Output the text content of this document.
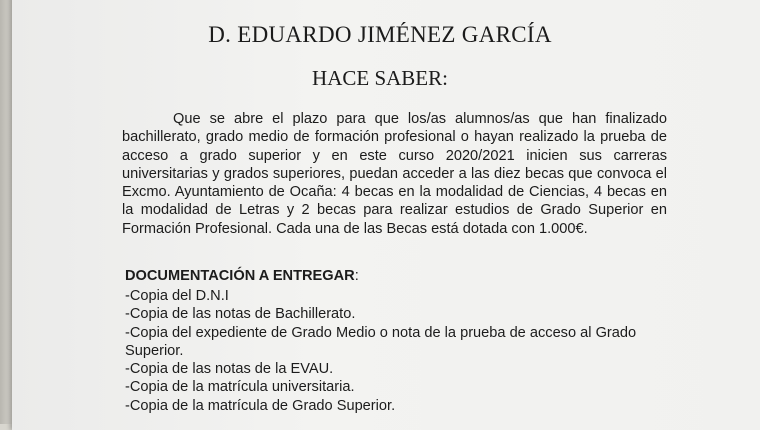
D. EDUARDO JIMÉNEZ GARCÍA
HACE SABER:
Que se abre el plazo para que los/as alumnos/as que han finalizado bachillerato, grado medio de formación profesional o hayan realizado la prueba de acceso a grado superior y en este curso 2020/2021 inicien sus carreras universitarias y grados superiores, puedan acceder a las diez becas que convoca el Excmo. Ayuntamiento de Ocaña: 4 becas en la modalidad de Ciencias, 4 becas en la modalidad de Letras y 2 becas para realizar estudios de Grado Superior en Formación Profesional. Cada una de las Becas está dotada con 1.000€.
DOCUMENTACIÓN A ENTREGAR:
-Copia del D.N.I
-Copia de las notas de Bachillerato.
-Copia del expediente de Grado Medio o nota de la prueba de acceso al Grado Superior.
-Copia de las notas de la EVAU.
-Copia de la matrícula universitaria.
-Copia de la matrícula de Grado Superior.
